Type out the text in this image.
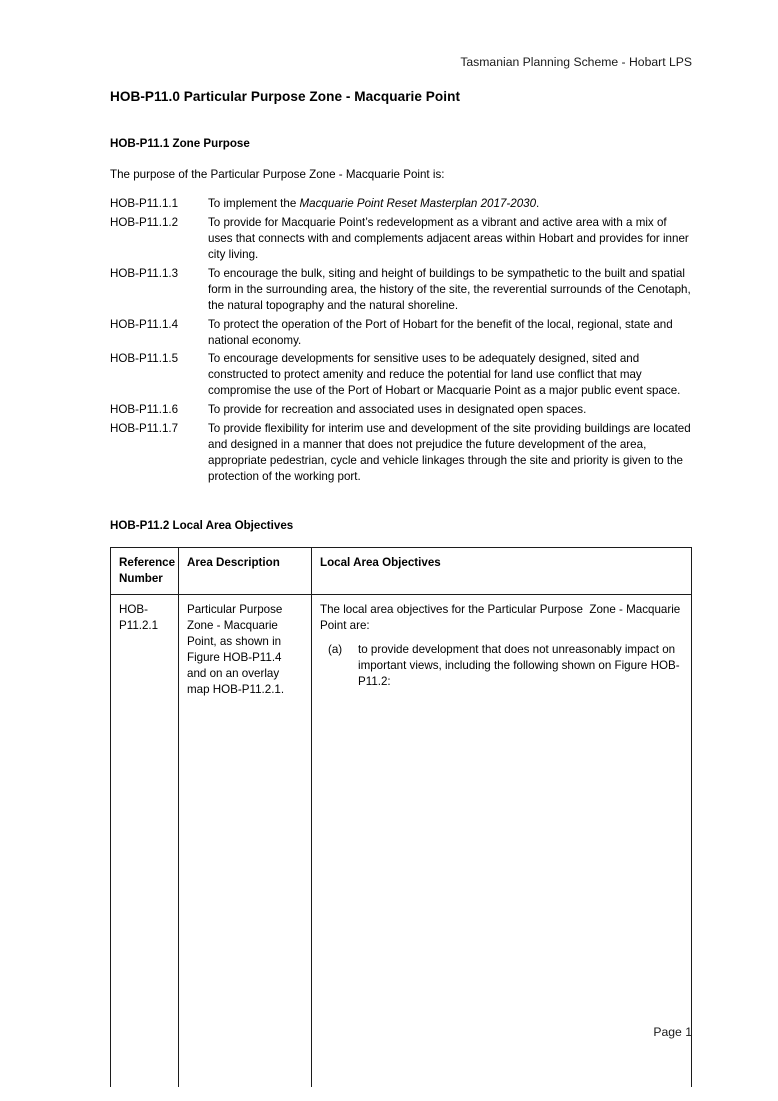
Tasmanian Planning Scheme - Hobart LPS
HOB-P11.0 Particular Purpose Zone - Macquarie Point
HOB-P11.1 Zone Purpose

The purpose of the Particular Purpose Zone - Macquarie Point is:

HOB-P11.1.1	To implement the Macquarie Point Reset Masterplan 2017-2030.
HOB-P11.1.2	To provide for Macquarie Point’s redevelopment as a vibrant and active area with a mix of uses that connects with and complements adjacent areas within Hobart and provides for inner city living.
HOB-P11.1.3	To encourage the bulk, siting and height of buildings to be sympathetic to the built and spatial form in the surrounding area, the history of the site, the reverential surrounds of the Cenotaph, the natural topography and the natural shoreline.
HOB-P11.1.4	To protect the operation of the Port of Hobart for the benefit of the local, regional, state and national economy.
HOB-P11.1.5	To encourage developments for sensitive uses to be adequately designed, sited and constructed to protect amenity and reduce the potential for land use conflict that may compromise the use of the Port of Hobart or Macquarie Point as a major public event space.
HOB-P11.1.6	To provide for recreation and associated uses in designated open spaces.
HOB-P11.1.7	To provide flexibility for interim use and development of the site providing buildings are located and designed in a manner that does not prejudice the future development of the area, appropriate pedestrian, cycle and vehicle linkages through the site and priority is given to the protection of the working port.
HOB-P11.2 Local Area Objectives
Reference Number	Area Description	Local Area Objectives
HOB-P11.2.1	Particular Purpose Zone - Macquarie Point, as shown in Figure HOB-P11.4 and on an overlay map HOB-P11.2.1.	The local area objectives for the Particular Purpose  Zone - Macquarie Point are:

(a) to provide development that does not unreasonably impact on important views, including the following shown on Figure HOB-P11.2:
Page 1
